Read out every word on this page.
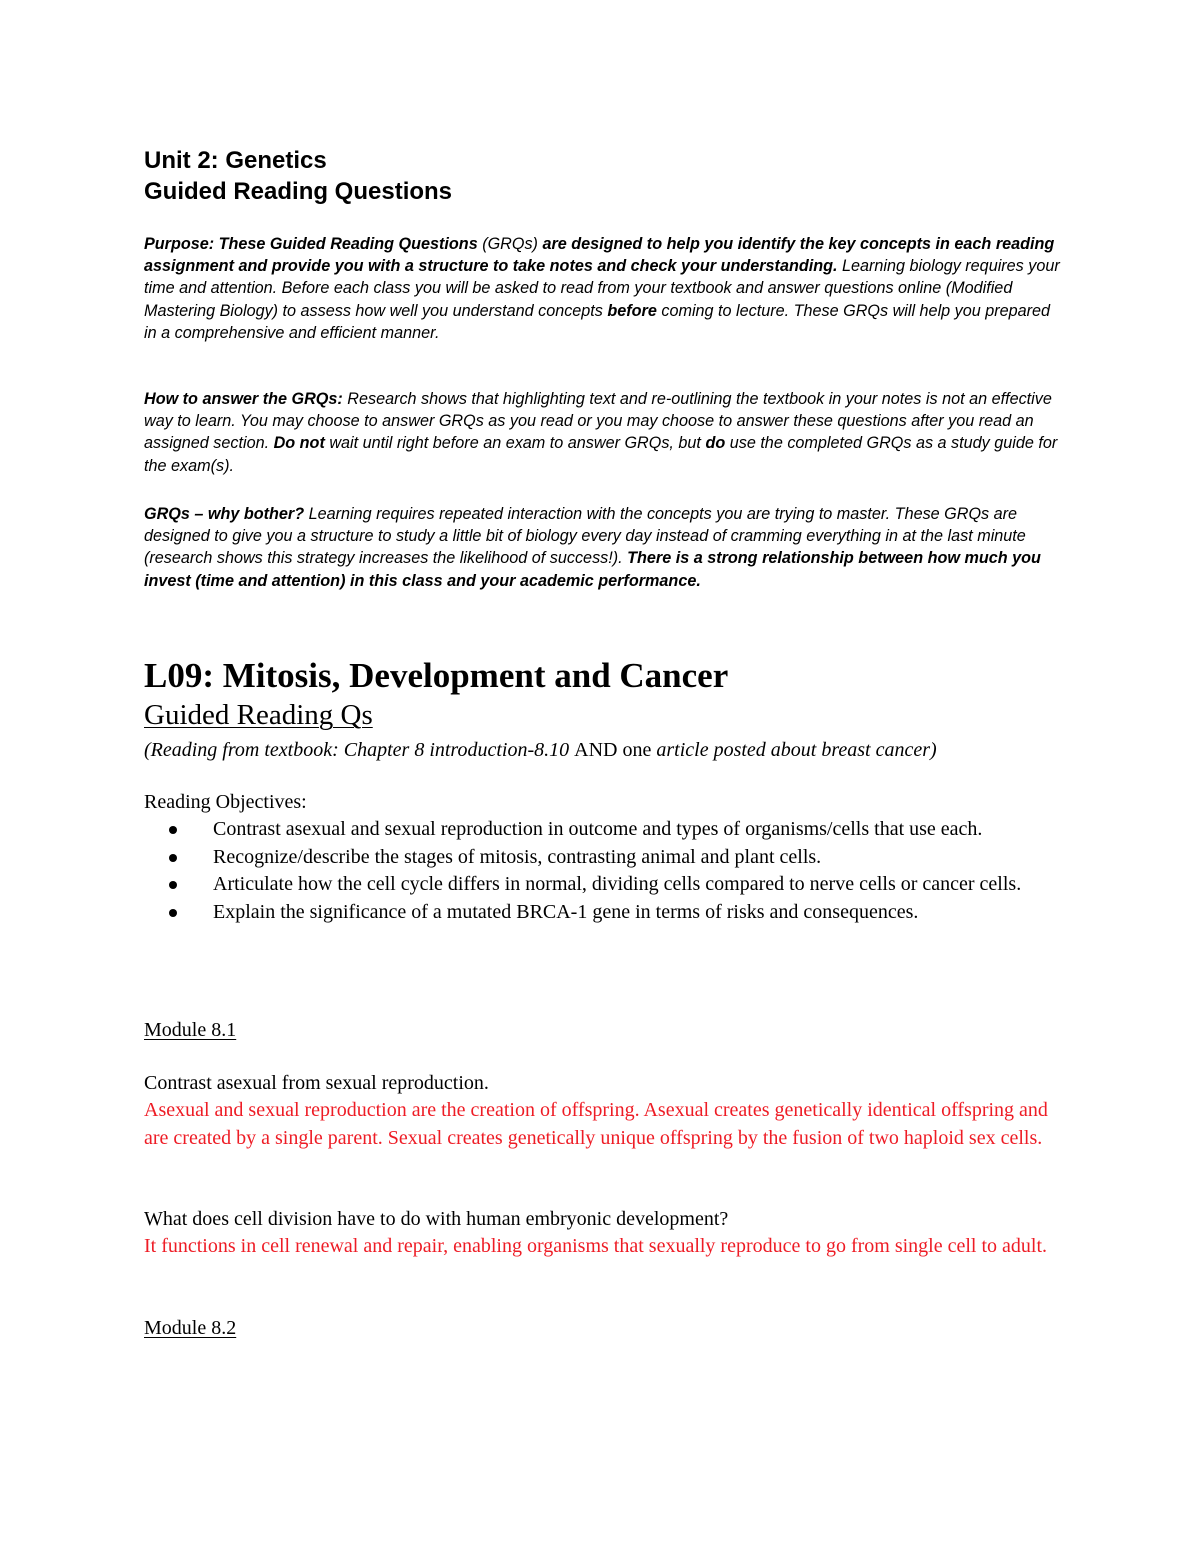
Unit 2: Genetics
Guided Reading Questions

Purpose: These Guided Reading Questions (GRQs) are designed to help you identify the key concepts in each reading assignment and provide you with a structure to take notes and check your understanding. Learning biology requires your time and attention. Before each class you will be asked to read from your textbook and answer questions online (Modified Mastering Biology) to assess how well you understand concepts before coming to lecture. These GRQs will help you prepared in a comprehensive and efficient manner.

How to answer the GRQs: Research shows that highlighting text and re-outlining the textbook in your notes is not an effective way to learn. You may choose to answer GRQs as you read or you may choose to answer these questions after you read an assigned section. Do not wait until right before an exam to answer GRQs, but do use the completed GRQs as a study guide for the exam(s).

GRQs – why bother? Learning requires repeated interaction with the concepts you are trying to master. These GRQs are designed to give you a structure to study a little bit of biology every day instead of cramming everything in at the last minute (research shows this strategy increases the likelihood of success!). There is a strong relationship between how much you invest (time and attention) in this class and your academic performance.

L09: Mitosis, Development and Cancer
Guided Reading Qs

(Reading from textbook: Chapter 8 introduction-8.10 AND one article posted about breast cancer)

Reading Objectives:
Contrast asexual and sexual reproduction in outcome and types of organisms/cells that use each.
Recognize/describe the stages of mitosis, contrasting animal and plant cells.
Articulate how the cell cycle differs in normal, dividing cells compared to nerve cells or cancer cells.
Explain the significance of a mutated BRCA-1 gene in terms of risks and consequences.
Module 8.1

Contrast asexual from sexual reproduction.

Asexual and sexual reproduction are the creation of offspring. Asexual creates genetically identical offspring and are created by a single parent. Sexual creates genetically unique offspring by the fusion of two haploid sex cells.

What does cell division have to do with human embryonic development?

It functions in cell renewal and repair, enabling organisms that sexually reproduce to go from single cell to adult.

Module 8.2
